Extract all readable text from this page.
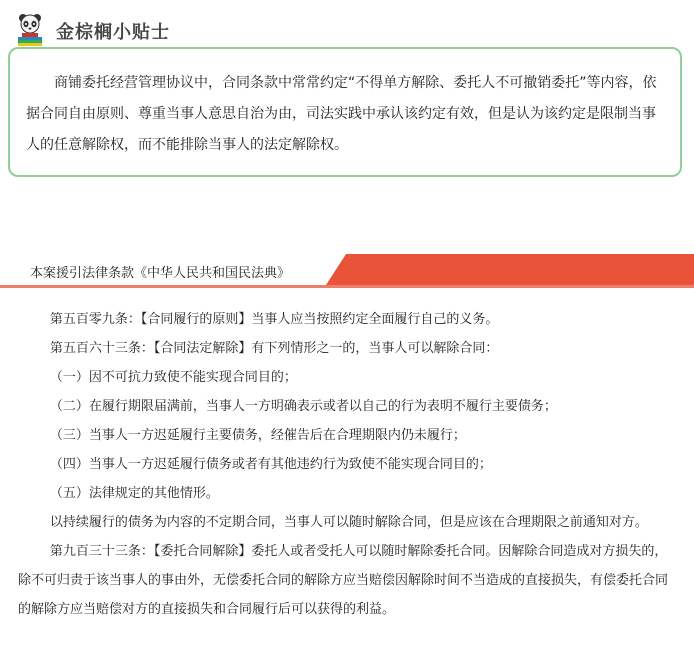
金棕榈小贴士

商铺委托经营管理协议中，合同条款中常常约定“不得单方解除、委托人不可撤销委托”等内容，依据合同自由原则、尊重当事人意思自治为由，司法实践中承认该约定有效，但是认为该约定是限制当事人的任意解除权，而不能排除当事人的法定解除权。

本案援引法律条款《中华人民共和国民法典》

第五百零九条：【合同履行的原则】当事人应当按照约定全面履行自己的义务。

第五百六十三条：【合同法定解除】有下列情形之一的，当事人可以解除合同：

（一）因不可抗力致使不能实现合同目的；

（二）在履行期限届满前，当事人一方明确表示或者以自己的行为表明不履行主要债务；

（三）当事人一方迟延履行主要债务，经催告后在合理期限内仍未履行；

（四）当事人一方迟延履行债务或者有其他违约行为致使不能实现合同目的；

（五）法律规定的其他情形。

以持续履行的债务为内容的不定期合同，当事人可以随时解除合同，但是应该在合理期限之前通知对方。

第九百三十三条：【委托合同解除】委托人或者受托人可以随时解除委托合同。因解除合同造成对方损失的，除不可归责于该当事人的事由外，无偿委托合同的解除方应当赔偿因解除时间不当造成的直接损失，有偿委托合同的解除方应当赔偿对方的直接损失和合同履行后可以获得的利益。
